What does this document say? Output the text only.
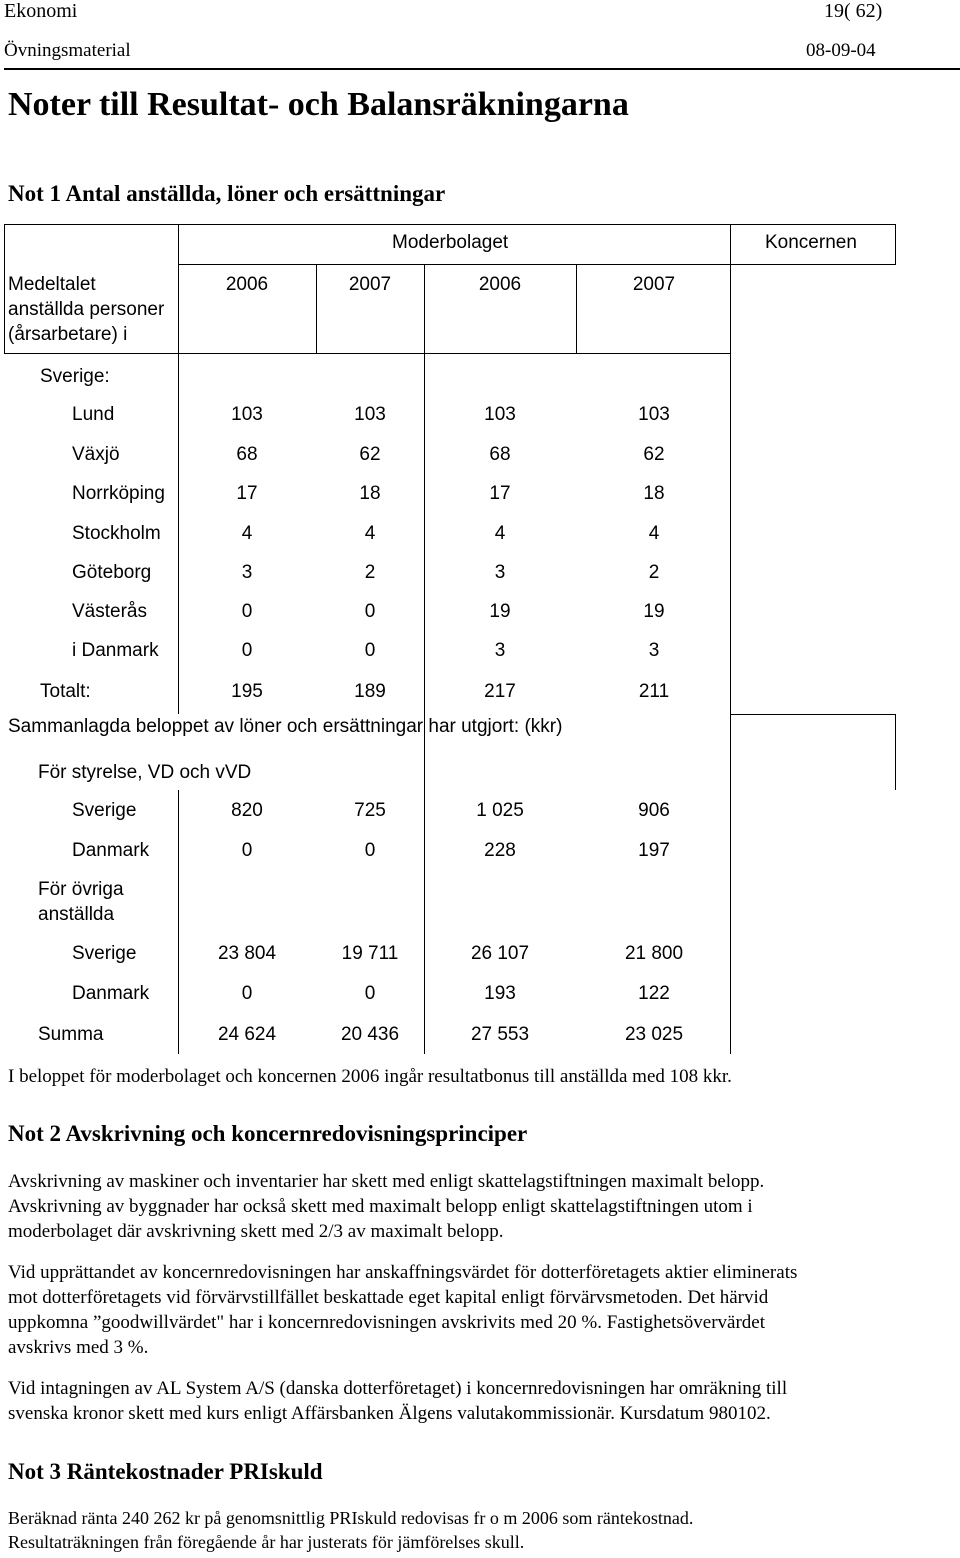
Ekonomi	19( 62)
Övningsmaterial	08-09-04
Noter till Resultat- och Balansräkningarna
Not 1 Antal anställda, löner och ersättningar
Moderbolaget	Koncernen
Medeltalet
anställda personer
(årsarbetare) i
2006	2007	2006	2007
Sverige:
Lund	103	103	103	103
Växjö	68	62	68	62
Norrköping	17	18	17	18
Stockholm	4	4	4	4
Göteborg	3	2	3	2
Västerås	0	0	19	19
i Danmark	0	0	3	3
Totalt:	195	189	217	211
Sammanlagda beloppet av löner och ersättningar har utgjort: (kkr)
För styrelse, VD och vVD
Sverige	820	725	1 025	906
Danmark	0	0	228	197
För övriga
anställda
Sverige	23 804	19 711	26 107	21 800
Danmark	0	0	193	122
Summa	24 624	20 436	27 553	23 025
I beloppet för moderbolaget och koncernen 2006 ingår resultatbonus till anställda med 108 kkr.
Not 2 Avskrivning och koncernredovisningsprinciper
Avskrivning av maskiner och inventarier har skett med enligt skattelagstiftningen maximalt belopp.
Avskrivning av byggnader har också skett med maximalt belopp enligt skattelagstiftningen utom i
moderbolaget där avskrivning skett med 2/3 av maximalt belopp.
Vid upprättandet av koncernredovisningen har anskaffningsvärdet för dotterföretagets aktier eliminerats
mot dotterföretagets vid förvärvstillfället beskattade eget kapital enligt förvärvsmetoden. Det härvid
uppkomna ”goodwillvärdet" har i koncernredovisningen avskrivits med 20 %. Fastighetsövervärdet
avskrivs med 3 %.
Vid intagningen av AL System A/S (danska dotterföretaget) i koncernredovisningen har omräkning till
svenska kronor skett med kurs enligt Affärsbanken Älgens valutakommissionär. Kursdatum 980102.
Not 3 Räntekostnader PRIskuld
Beräknad ränta 240 262 kr på genomsnittlig PRIskuld redovisas fr o m 2006 som räntekostnad.
Resultaträkningen från föregående år har justerats för jämförelses skull.
